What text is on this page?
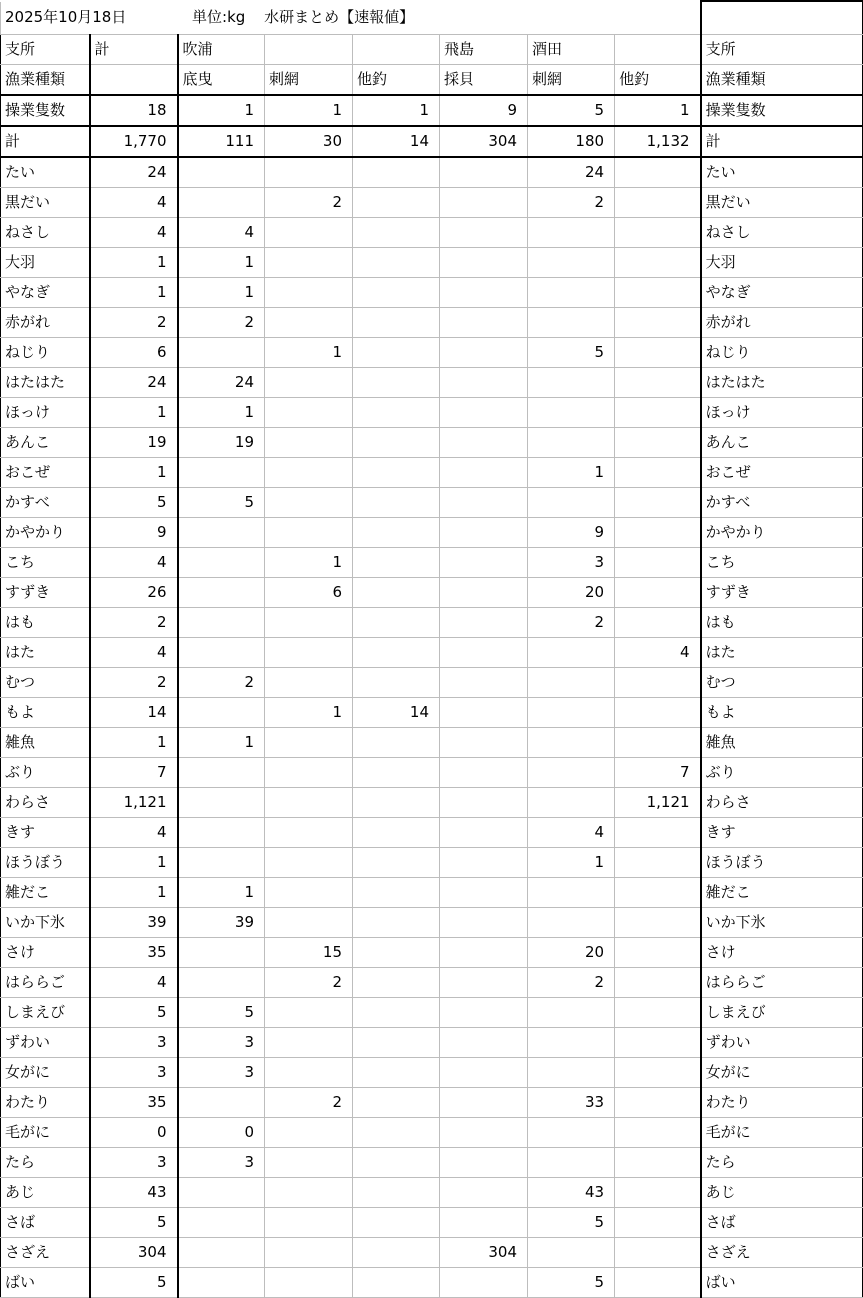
2025年10月18日		単位:kg 水研まとめ【速報値】						
支所	計	吹浦			飛島	酒田		支所
漁業種類		底曳	刺網	他釣	採貝	刺網	他釣	漁業種類
操業隻数	18	1	1	1	9	5	1	操業隻数
計	1,770	111	30	14	304	180	1,132	計
たい	24					24		たい
黒だい	4		2			2		黒だい
ねさし	4	4						ねさし
大羽	1	1						大羽
やなぎ	1	1						やなぎ
赤がれ	2	2						赤がれ
ねじり	6		1			5		ねじり
はたはた	24	24						はたはた
ほっけ	1	1						ほっけ
あんこ	19	19						あんこ
おこぜ	1					1		おこぜ
かすべ	5	5						かすべ
かやかり	9					9		かやかり
こち	4		1			3		こち
すずき	26		6			20		すずき
はも	2					2		はも
はた	4						4	はた
むつ	2	2						むつ
もよ	14		1	14				もよ
雑魚	1	1						雑魚
ぶり	7						7	ぶり
わらさ	1,121						1,121	わらさ
きす	4					4		きす
ほうぼう	1					1		ほうぼう
雑だこ	1	1						雑だこ
いか下氷	39	39						いか下氷
さけ	35		15			20		さけ
はららご	4		2			2		はららご
しまえび	5	5						しまえび
ずわい	3	3						ずわい
女がに	3	3						女がに
わたり	35		2			33		わたり
毛がに	0	0						毛がに
たら	3	3						たら
あじ	43					43		あじ
さば	5					5		さば
さざえ	304				304			さざえ
ばい	5					5		ばい
